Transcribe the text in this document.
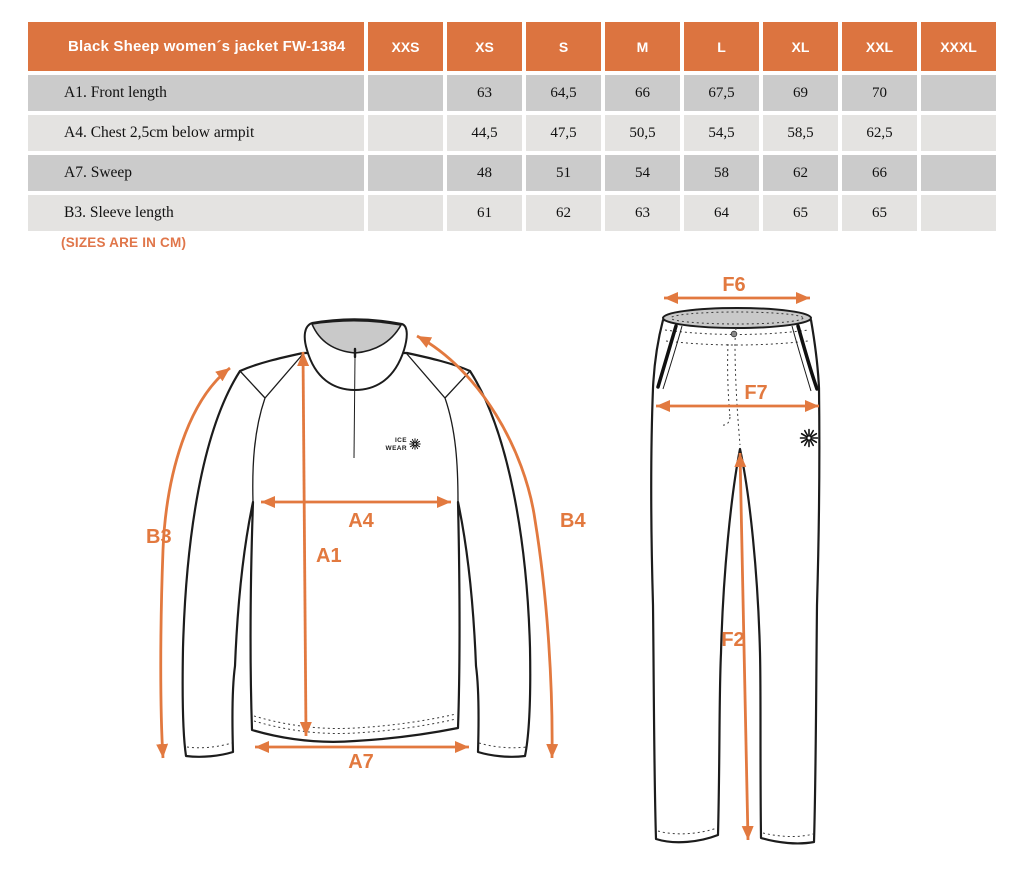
Black Sheep women´s jacket FW-1384	XXS	XS	S	M	L	XL	XXL	XXXL
A1. Front length		63	64,5	66	67,5	69	70	
A4. Chest 2,5cm below armpit		44,5	47,5	50,5	54,5	58,5	62,5	
A7. Sweep		48	51	54	58	62	66	
B3. Sleeve length		61	62	63	64	65	65	
(SIZES ARE IN CM)
ICE
WEAR
A4
A1
A7
B3
B4
F6
F7
F2
